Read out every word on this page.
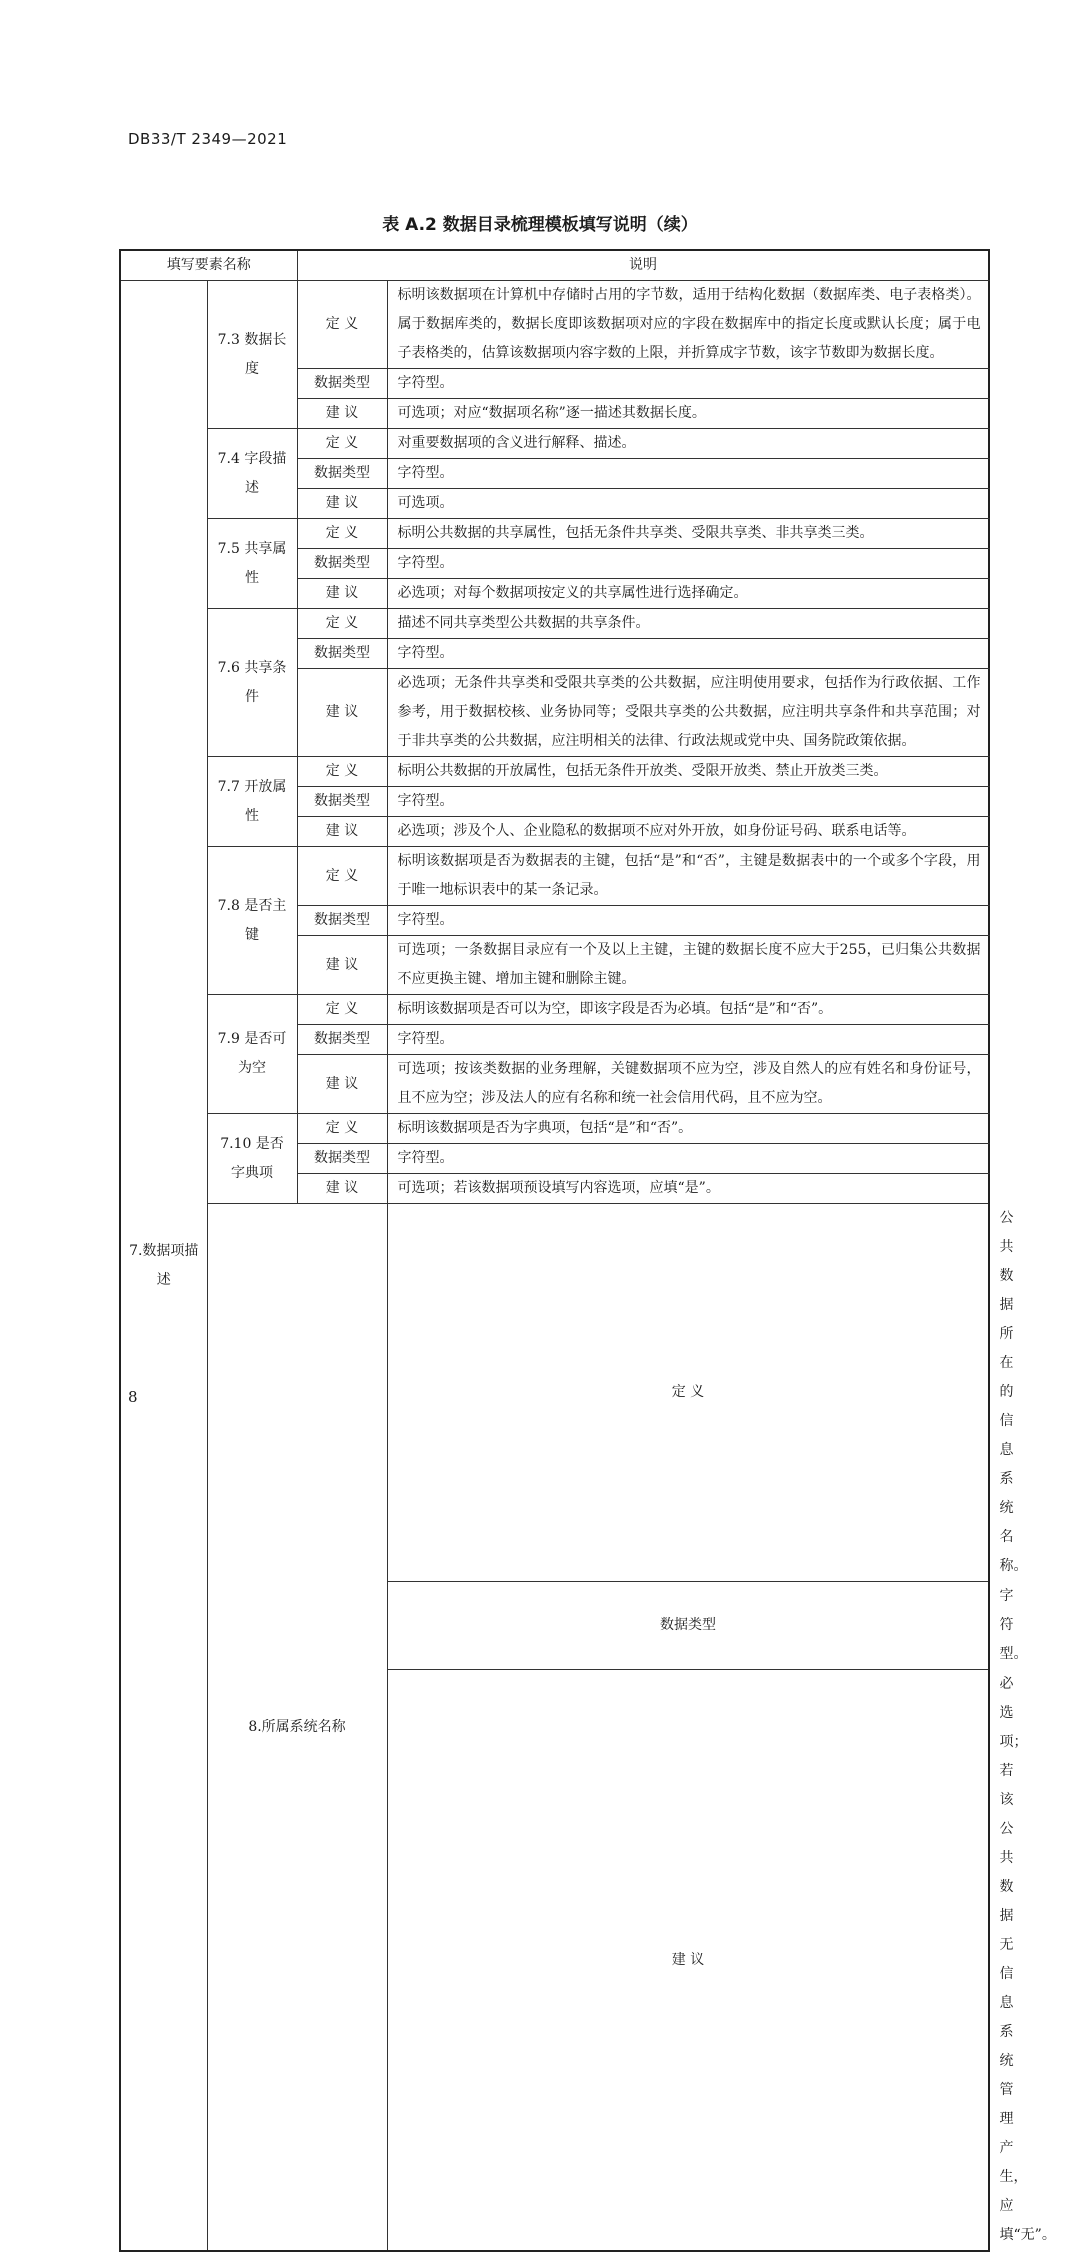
DB33/T 2349—2021
表 A.2 数据目录梳理模板填写说明（续）
填写要素名称		说明		
7.数据项描述	7.3 数据长度	定 义	标明该数据项在计算机中存储时占用的字节数，适用于结构化数据（数据库类、电子表格类）。属于数据库类的，数据长度即该数据项对应的字段在数据库中的指定长度或默认长度；属于电子表格类的，估算该数据项内容字数的上限，并折算成字节数，该字节数即为数据长度。	
		数据类型	字符型。	
		建 议	可选项；对应“数据项名称”逐一描述其数据长度。	
	7.4 字段描述	定 义	对重要数据项的含义进行解释、描述。	
		数据类型	字符型。	
		建 议	可选项。	
	7.5 共享属性	定 义	标明公共数据的共享属性，包括无条件共享类、受限共享类、非共享类三类。	
		数据类型	字符型。	
		建 议	必选项；对每个数据项按定义的共享属性进行选择确定。	
	7.6 共享条件	定 义	描述不同共享类型公共数据的共享条件。	
		数据类型	字符型。	
		建 议	必选项；无条件共享类和受限共享类的公共数据，应注明使用要求，包括作为行政依据、工作参考，用于数据校核、业务协同等；受限共享类的公共数据，应注明共享条件和共享范围；对于非共享类的公共数据，应注明相关的法律、行政法规或党中央、国务院政策依据。	
	7.7 开放属性	定 义	标明公共数据的开放属性，包括无条件开放类、受限开放类、禁止开放类三类。	
		数据类型	字符型。	
		建 议	必选项；涉及个人、企业隐私的数据项不应对外开放，如身份证号码、联系电话等。	
	7.8 是否主键	定 义	标明该数据项是否为数据表的主键，包括“是”和“否”，主键是数据表中的一个或多个字段，用于唯一地标识表中的某一条记录。	
		数据类型	字符型。	
		建 议	可选项；一条数据目录应有一个及以上主键，主键的数据长度不应大于255，已归集公共数据不应更换主键、增加主键和删除主键。	
	7.9 是否可为空	定 义	标明该数据项是否可以为空，即该字段是否为必填。包括“是”和“否”。	
		数据类型	字符型。	
		建 议	可选项；按该类数据的业务理解，关键数据项不应为空，涉及自然人的应有姓名和身份证号，且不应为空；涉及法人的应有名称和统一社会信用代码，且不应为空。	
	7.10 是否字典项	定 义	标明该数据项是否为字典项，包括“是”和“否”。	
		数据类型	字符型。	
		建 议	可选项；若该数据项预设填写内容选项，应填“是”。	
	8.所属系统名称		定 义	公共数据所在的信息系统名称。
			数据类型	字符型。
			建 议	必选项；若该公共数据无信息系统管理产生，应填“无”。
8
